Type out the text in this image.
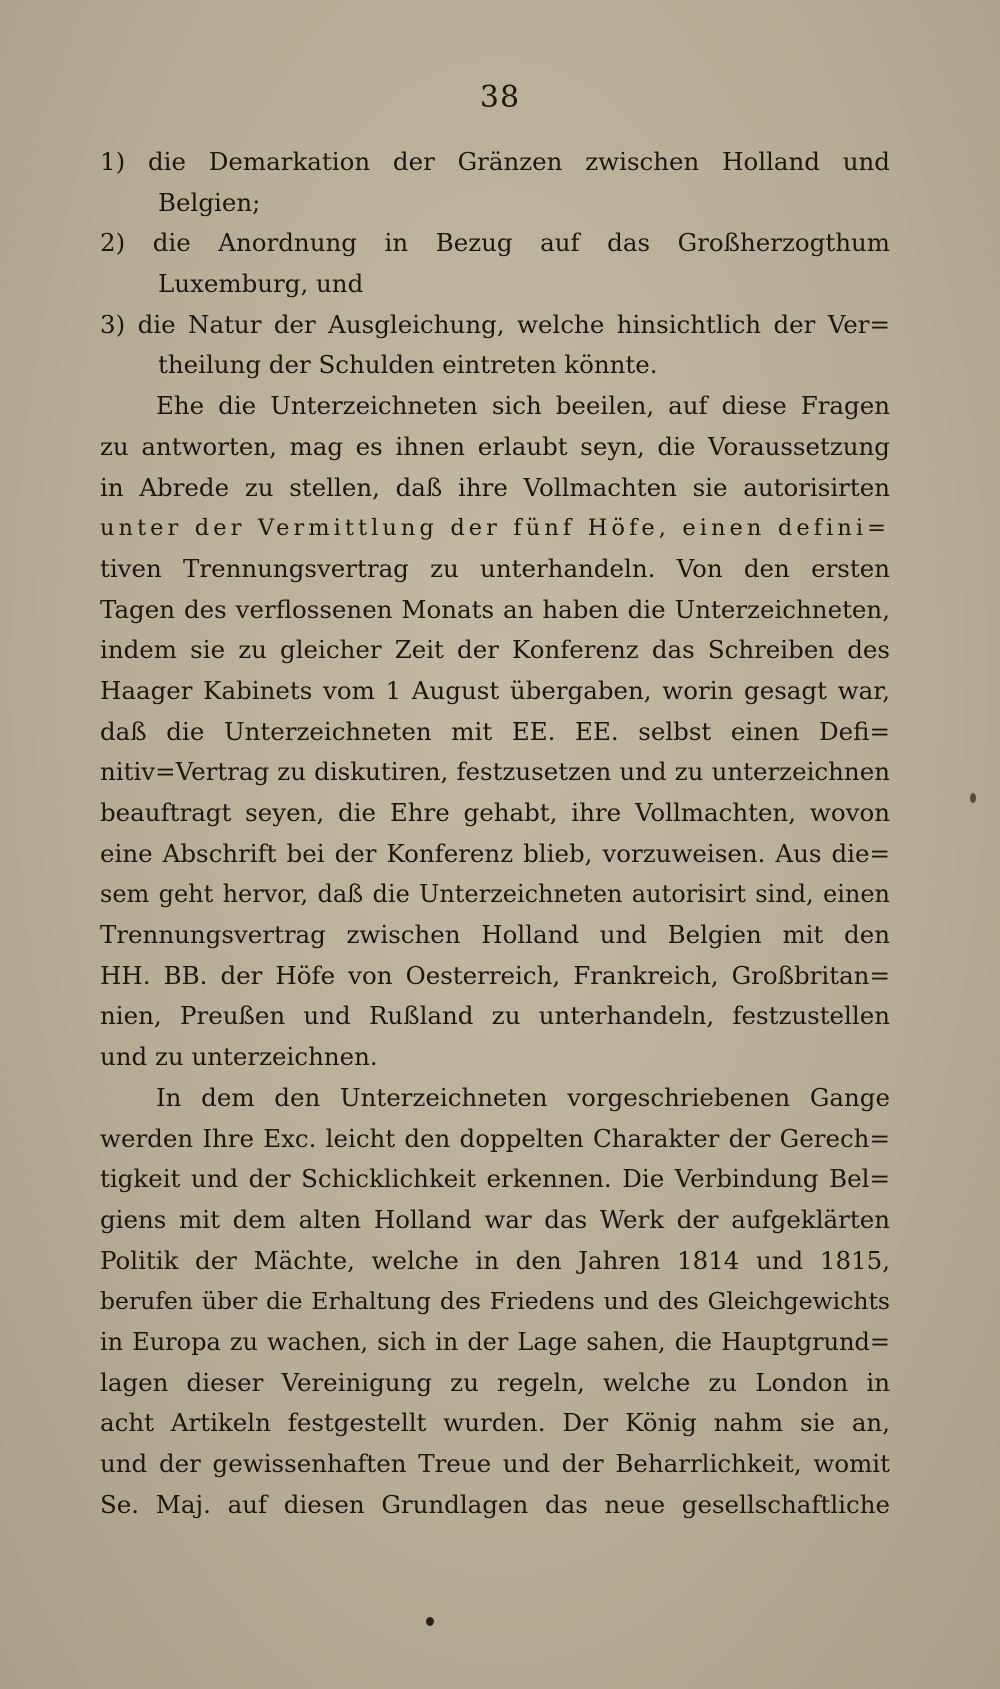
38
1) die Demarkation der Gränzen zwischen Holland und
Belgien;
2) die Anordnung in Bezug auf das Großherzogthum
Luxemburg, und
3) die Natur der Ausgleichung, welche hinsichtlich der Ver=
theilung der Schulden eintreten könnte.
Ehe die Unterzeichneten sich beeilen, auf diese Fragen
zu antworten, mag es ihnen erlaubt seyn, die Voraussetzung
in Abrede zu stellen, daß ihre Vollmachten sie autorisirten
unter der Vermittlung der fünf Höfe, einen defini=
tiven Trennungsvertrag zu unterhandeln. Von den ersten
Tagen des verflossenen Monats an haben die Unterzeichneten,
indem sie zu gleicher Zeit der Konferenz das Schreiben des
Haager Kabinets vom 1 August übergaben, worin gesagt war,
daß die Unterzeichneten mit EE. EE. selbst einen Defi=
nitiv=Vertrag zu diskutiren, festzusetzen und zu unterzeichnen
beauftragt seyen, die Ehre gehabt, ihre Vollmachten, wovon
eine Abschrift bei der Konferenz blieb, vorzuweisen. Aus die=
sem geht hervor, daß die Unterzeichneten autorisirt sind, einen
Trennungsvertrag zwischen Holland und Belgien mit den
HH. BB. der Höfe von Oesterreich, Frankreich, Großbritan=
nien, Preußen und Rußland zu unterhandeln, festzustellen
und zu unterzeichnen.
In dem den Unterzeichneten vorgeschriebenen Gange
werden Ihre Exc. leicht den doppelten Charakter der Gerech=
tigkeit und der Schicklichkeit erkennen. Die Verbindung Bel=
giens mit dem alten Holland war das Werk der aufgeklärten
Politik der Mächte, welche in den Jahren 1814 und 1815,
berufen über die Erhaltung des Friedens und des Gleichgewichts
in Europa zu wachen, sich in der Lage sahen, die Hauptgrund=
lagen dieser Vereinigung zu regeln, welche zu London in
acht Artikeln festgestellt wurden. Der König nahm sie an,
und der gewissenhaften Treue und der Beharrlichkeit, womit
Se. Maj. auf diesen Grundlagen das neue gesellschaftliche
